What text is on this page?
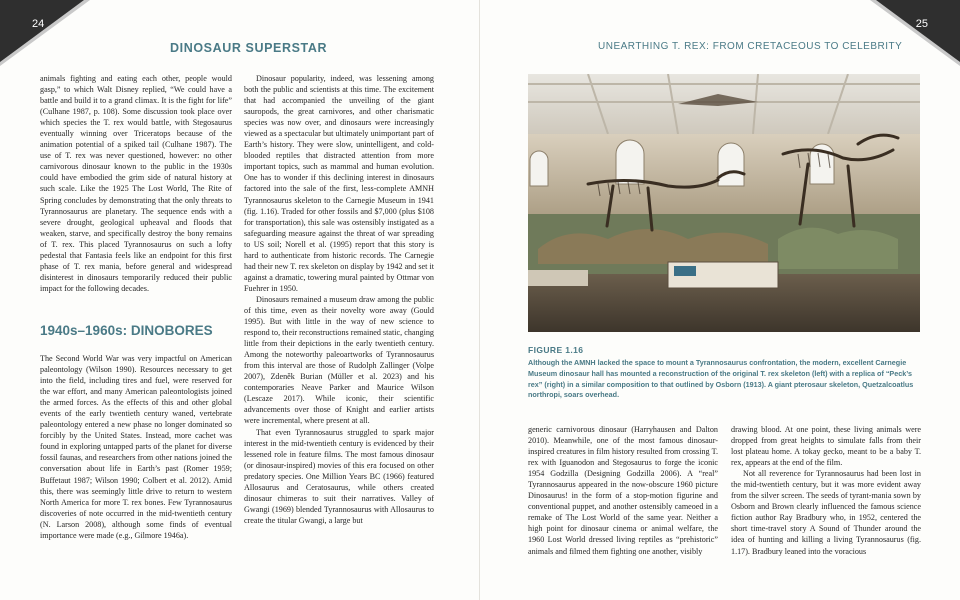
24
DINOSAUR SUPERSTAR

animals fighting and eating each other, people would gasp,” to which Walt Disney replied, “We could have a battle and build it to a grand climax. It is the fight for life” (Culhane 1987, p. 108). Some discussion took place over which species the T. rex would battle, with Stegosaurus eventually winning over Triceratops because of the animation potential of a spiked tail (Culhane 1987). The use of T. rex was never questioned, however: no other carnivorous dinosaur known to the public in the 1930s could have embodied the grim side of natural history at such scale. Like the 1925 The Lost World, The Rite of Spring concludes by demonstrating that the only threats to Tyrannosaurus are planetary. The sequence ends with a severe drought, geological upheaval and floods that weaken, starve, and specifically destroy the bony remains of T. rex. This placed Tyrannosaurus on such a lofty pedestal that Fantasia feels like an endpoint for this first phase of T. rex mania, before general and widespread disinterest in dinosaurs temporarily reduced their public impact for the following decades.

1940s–1960s: DINOBORES

The Second World War was very impactful on American paleontology (Wilson 1990). Resources necessary to get into the field, including tires and fuel, were reserved for the war effort, and many American paleontologists joined the armed forces. As the effects of this and other global events of the early twentieth century waned, vertebrate paleontology entered a new phase no longer dominated so forcibly by the United States. Instead, more cachet was found in exploring untapped parts of the planet for diverse fossil faunas, and researchers from other nations joined the conversation about life in Earth’s past (Romer 1959; Buffetaut 1987; Wilson 1990; Colbert et al. 2012). Amid this, there was seemingly little drive to return to western North America for more T. rex bones. Few Tyrannosaurus discoveries of note occurred in the mid-twentieth century (N. Larson 2008), although some finds of eventual importance were made (e.g., Gilmore 1946a).

Dinosaur popularity, indeed, was lessening among both the public and scientists at this time. The excitement that had accompanied the unveiling of the giant sauropods, the great carnivores, and other charismatic species was now over, and dinosaurs were increasingly viewed as a spectacular but ultimately unimportant part of Earth’s history. They were slow, unintelligent, and cold-blooded reptiles that distracted attention from more important topics, such as mammal and human evolution. One has to wonder if this declining interest in dinosaurs factored into the sale of the first, less-complete AMNH Tyrannosaurus skeleton to the Carnegie Museum in 1941 (fig. 1.16). Traded for other fossils and $7,000 (plus $108 for transportation), this sale was ostensibly instigated as a safeguarding measure against the threat of war spreading to US soil; Norell et al. (1995) report that this story is hard to authenticate from historic records. The Carnegie had their new T. rex skeleton on display by 1942 and set it against a dramatic, towering mural painted by Ottmar von Fuehrer in 1950.

Dinosaurs remained a museum draw among the public of this time, even as their novelty wore away (Gould 1995). But with little in the way of new science to respond to, their reconstructions remained static, changing little from their depictions in the early twentieth century. Among the noteworthy paleoartworks of Tyrannosaurus from this interval are those of Rudolph Zallinger (Volpe 2007), Zdeněk Burian (Müller et al. 2023) and his contemporaries Neave Parker and Maurice Wilson (Lescaze 2017). While iconic, their scientific advancements over those of Knight and earlier artists were incremental, where present at all.

That even Tyrannosaurus struggled to spark major interest in the mid-twentieth century is evidenced by their lessened role in feature films. The most famous dinosaur (or dinosaur-inspired) movies of this era focused on other predatory species. One Million Years BC (1966) featured Allosaurus and Ceratosaurus, while others created dinosaur chimeras to suit their narratives. Valley of Gwangi (1969) blended Tyrannosaurus with Allosaurus to create the titular Gwangi, a large but

25
UNEARTHING T. REX: FROM CRETACEOUS TO CELEBRITY
FIGURE 1.16
Although the AMNH lacked the space to mount a Tyrannosaurus confrontation, the modern, excellent Carnegie Museum dinosaur hall has mounted a reconstruction of the original T. rex skeleton (left) with a replica of “Peck’s rex” (right) in a similar composition to that outlined by Osborn (1913). A giant pterosaur skeleton, Quetzalcoatlus northropi, soars overhead.

generic carnivorous dinosaur (Harryhausen and Dalton 2010). Meanwhile, one of the most famous dinosaur-inspired creatures in film history resulted from crossing T. rex with Iguanodon and Stegosaurus to forge the iconic 1954 Godzilla (Designing Godzilla 2006). A “real” Tyrannosaurus appeared in the now-obscure 1960 picture Dinosaurus! in the form of a stop-motion figurine and conventional puppet, and another ostensibly cameoed in a remake of The Lost World of the same year. Neither a high point for dinosaur cinema or animal welfare, the 1960 Lost World dressed living reptiles as “prehistoric” animals and filmed them fighting one another, visibly

drawing blood. At one point, these living animals were dropped from great heights to simulate falls from their lost plateau home. A tokay gecko, meant to be a baby T. rex, appears at the end of the film.

Not all reverence for Tyrannosaurus had been lost in the mid-twentieth century, but it was more evident away from the silver screen. The seeds of tyrant-mania sown by Osborn and Brown clearly influenced the famous science fiction author Ray Bradbury who, in 1952, centered the short time-travel story A Sound of Thunder around the idea of hunting and killing a living Tyrannosaurus (fig. 1.17). Bradbury leaned into the voracious
